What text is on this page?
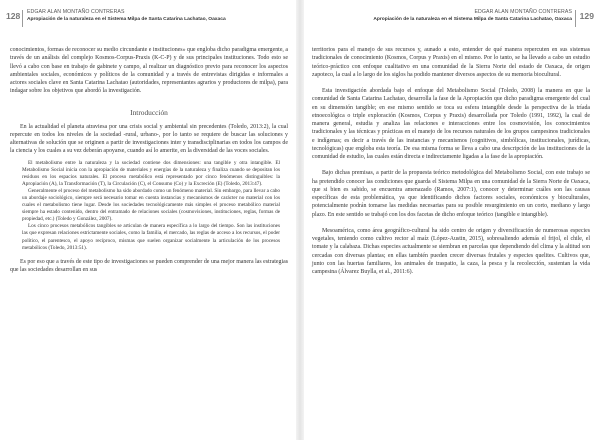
128 EDGAR ALAN MONTAÑO CONTRERAS
Apropiación de la naturaleza en el Sistema Milpa de Santa Catarina Lachatao, Oaxaca

conocimientos, formas de reconocer su medio circundante e instituciones» que engloba dicho paradigma emergente, a través de un análisis del complejo Kosmos-Corpus-Praxis (K-C-P) y de sus principales instituciones. Todo esto se llevó a cabo con base en trabajo de gabinete y campo, al realizar un diagnóstico previo para reconocer los aspectos ambientales sociales, económicos y políticos de la comunidad y a través de entrevistas dirigidas e informales a actores sociales clave en Santa Catarina Lachatao (autoridades, representantes agrarios y productores de milpa), para indagar sobre los objetivos que abordó la investigación.

Introducción

En la actualidad el planeta atraviesa por una crisis social y ambiental sin precedentes (Toledo, 2013:2), la cual repercute en todos los niveles de la sociedad -rural, urbano-, por lo tanto se requiere de buscar las soluciones y alternativas de solución que se originen a partir de investigaciones inter y transdisciplinarias en todos los campos de la ciencia y los cuales a su vez deberán apoyarse, cuando así lo amerite, en la diversidad de las voces sociales.

El metabolismo entre la naturaleza y la sociedad contiene dos dimensiones: una tangible y otra intangible. El Metabolismo Social inicia con la apropiación de materiales y energías de la naturaleza y finaliza cuando se depositan los residuos en los espacios naturales. El proceso metabólico está representado por cinco fenómenos distinguibles: la Apropiación (A), la Transformación (T), la Circulación (C), el Consumo (Co) y la Excreción (E) (Toledo, 2013:47).

Generalmente el proceso del metabolismo ha sido abordado como un fenómeno material. Sin embargo, para llevar a cabo un abordaje sociológico, siempre será necesario tomar en cuenta instancias y mecanismos de carácter no material con los cuales el metabolismo tiene lugar. Desde los sociedades tecnológicamente más simples el proceso metabólico material siempre ha estado contenido, dentro del entramado de relaciones sociales (cosmovisiones, instituciones, reglas, formas de propiedad, etc.) (Toledo y González, 2007).

Los cinco procesos metabólicos tangibles se articulan de manera específica a lo largo del tiempo. Son las instituciones las que expresan relaciones estrictamente sociales, como la familia, el mercado, las reglas de acceso a los recursos, el poder político, el parentesco, el apoyo recíproco, mismas que suelen organizar socialmente la articulación de los procesos metabólicos (Toledo, 2013:51).

Es por eso que a través de este tipo de investigaciones se pueden comprender de una mejor manera las estrategias que las sociedades desarrollan en sus

EDGAR ALAN MONTAÑO CONTRERAS
Apropiación de la naturaleza en el Sistema Milpa de Santa Catarina Lachatao, Oaxaca 129

territorios para el manejo de sus recursos y, aunado a esto, entender de qué manera repercuten en sus sistemas tradicionales de conocimiento (Kosmos, Corpus y Praxis) en el mismo. Por lo tanto, se ha llevado a cabo un estudio teórico-práctico con enfoque cualitativo en una comunidad de la Sierra Norte del estado de Oaxaca, de origen zapoteco, la cual a lo largo de los siglos ha podido mantener diversos aspectos de su memoria biocultural.

Esta investigación abordada bajo el enfoque del Metabolismo Social (Toledo, 2008) la manera en que la comunidad de Santa Catarina Lachatao, desarrolla la fase de la Apropiación que dicho paradigma emergente del cual en su dimensión tangible; en ese mismo sentido se toca su esfera intangible desde la perspectiva de la tríada etnoecológica o triple exploración (Kosmos, Corpus y Praxis) desarrollada por Toledo (1991, 1992), la cual de manera general, estudia y analiza las relaciones e interacciones entre los cosmovisión, los conocimientos tradicionales y las técnicas y prácticas en el manejo de los recursos naturales de los grupos campesinos tradicionales e indígenas; es decir a través de las instancias y mecanismos (cognitivos, simbólicas, institucionales, jurídicas, tecnológicas) que engloba esta teoría. De esa misma forma se lleva a cabo una descripción de las instituciones de la comunidad de estudio, las cuales están directa e indirectamente ligadas a la fase de la apropiación.

Bajo dichas premisas, a partir de la propuesta teórico metodológica del Metabolismo Social, con este trabajo se ha pretendido conocer las condiciones que guarda el Sistema Milpa en una comunidad de la Sierra Norte de Oaxaca, que si bien es sabido, se encuentra amenazado (Ramos, 2007:1), conocer y determinar cuáles son las causas específicas de esta problemática, ya que identificando dichos factores sociales, económicos y bioculturales, potencialmente podrán tomarse las medidas necesarias para su posible resurgimiento en un corto, mediano y largo plazo. En este sentido se trabajó con los dos facetas de dicho enfoque teórico (tangible e intangible).

Mesoamérica, como área geográfico-cultural ha sido centro de origen y diversificación de numerosas especies vegetales, teniendo como cultivo rector al maíz (López-Austin, 2015), sobresaliendo además el frijol, el chile, el tomate y la calabaza. Dichas especies actualmente se siembran en parcelas que dependiendo del clima y la altitud son cercadas con diversas plantas; en ellas también pueden crecer diversas frutales y especies quelites. Cultivos que, junto con las huertas familiares, los animales de traspatio, la caza, la pesca y la recolección, sustentan la vida campesina (Álvarez Buylla, et al., 2011:6).
